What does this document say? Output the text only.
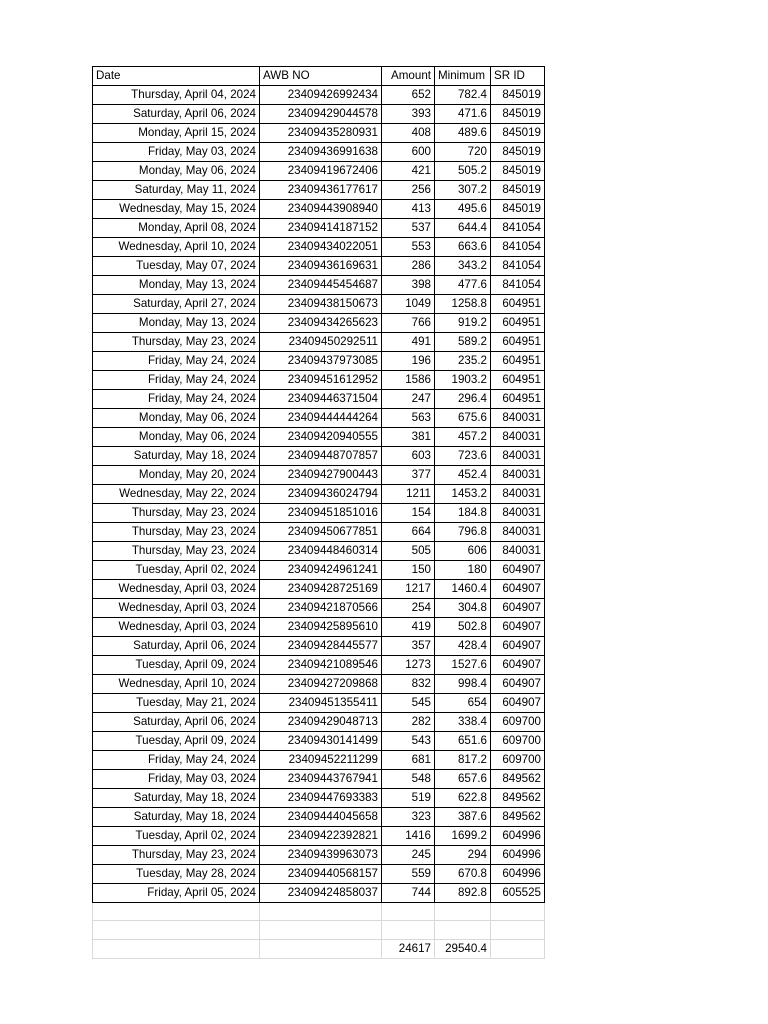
Date	AWB NO	Amount	Minimum	SR ID
Thursday, April 04, 2024	23409426992434	652	782.4	845019
Saturday, April 06, 2024	23409429044578	393	471.6	845019
Monday, April 15, 2024	23409435280931	408	489.6	845019
Friday, May 03, 2024	23409436991638	600	720	845019
Monday, May 06, 2024	23409419672406	421	505.2	845019
Saturday, May 11, 2024	23409436177617	256	307.2	845019
Wednesday, May 15, 2024	23409443908940	413	495.6	845019
Monday, April 08, 2024	23409414187152	537	644.4	841054
Wednesday, April 10, 2024	23409434022051	553	663.6	841054
Tuesday, May 07, 2024	23409436169631	286	343.2	841054
Monday, May 13, 2024	23409445454687	398	477.6	841054
Saturday, April 27, 2024	23409438150673	1049	1258.8	604951
Monday, May 13, 2024	23409434265623	766	919.2	604951
Thursday, May 23, 2024	23409450292511	491	589.2	604951
Friday, May 24, 2024	23409437973085	196	235.2	604951
Friday, May 24, 2024	23409451612952	1586	1903.2	604951
Friday, May 24, 2024	23409446371504	247	296.4	604951
Monday, May 06, 2024	23409444444264	563	675.6	840031
Monday, May 06, 2024	23409420940555	381	457.2	840031
Saturday, May 18, 2024	23409448707857	603	723.6	840031
Monday, May 20, 2024	23409427900443	377	452.4	840031
Wednesday, May 22, 2024	23409436024794	1211	1453.2	840031
Thursday, May 23, 2024	23409451851016	154	184.8	840031
Thursday, May 23, 2024	23409450677851	664	796.8	840031
Thursday, May 23, 2024	23409448460314	505	606	840031
Tuesday, April 02, 2024	23409424961241	150	180	604907
Wednesday, April 03, 2024	23409428725169	1217	1460.4	604907
Wednesday, April 03, 2024	23409421870566	254	304.8	604907
Wednesday, April 03, 2024	23409425895610	419	502.8	604907
Saturday, April 06, 2024	23409428445577	357	428.4	604907
Tuesday, April 09, 2024	23409421089546	1273	1527.6	604907
Wednesday, April 10, 2024	23409427209868	832	998.4	604907
Tuesday, May 21, 2024	23409451355411	545	654	604907
Saturday, April 06, 2024	23409429048713	282	338.4	609700
Tuesday, April 09, 2024	23409430141499	543	651.6	609700
Friday, May 24, 2024	23409452211299	681	817.2	609700
Friday, May 03, 2024	23409443767941	548	657.6	849562
Saturday, May 18, 2024	23409447693383	519	622.8	849562
Saturday, May 18, 2024	23409444045658	323	387.6	849562
Tuesday, April 02, 2024	23409422392821	1416	1699.2	604996
Thursday, May 23, 2024	23409439963073	245	294	604996
Tuesday, May 28, 2024	23409440568157	559	670.8	604996
Friday, April 05, 2024	23409424858037	744	892.8	605525

		24617	29540.4	
